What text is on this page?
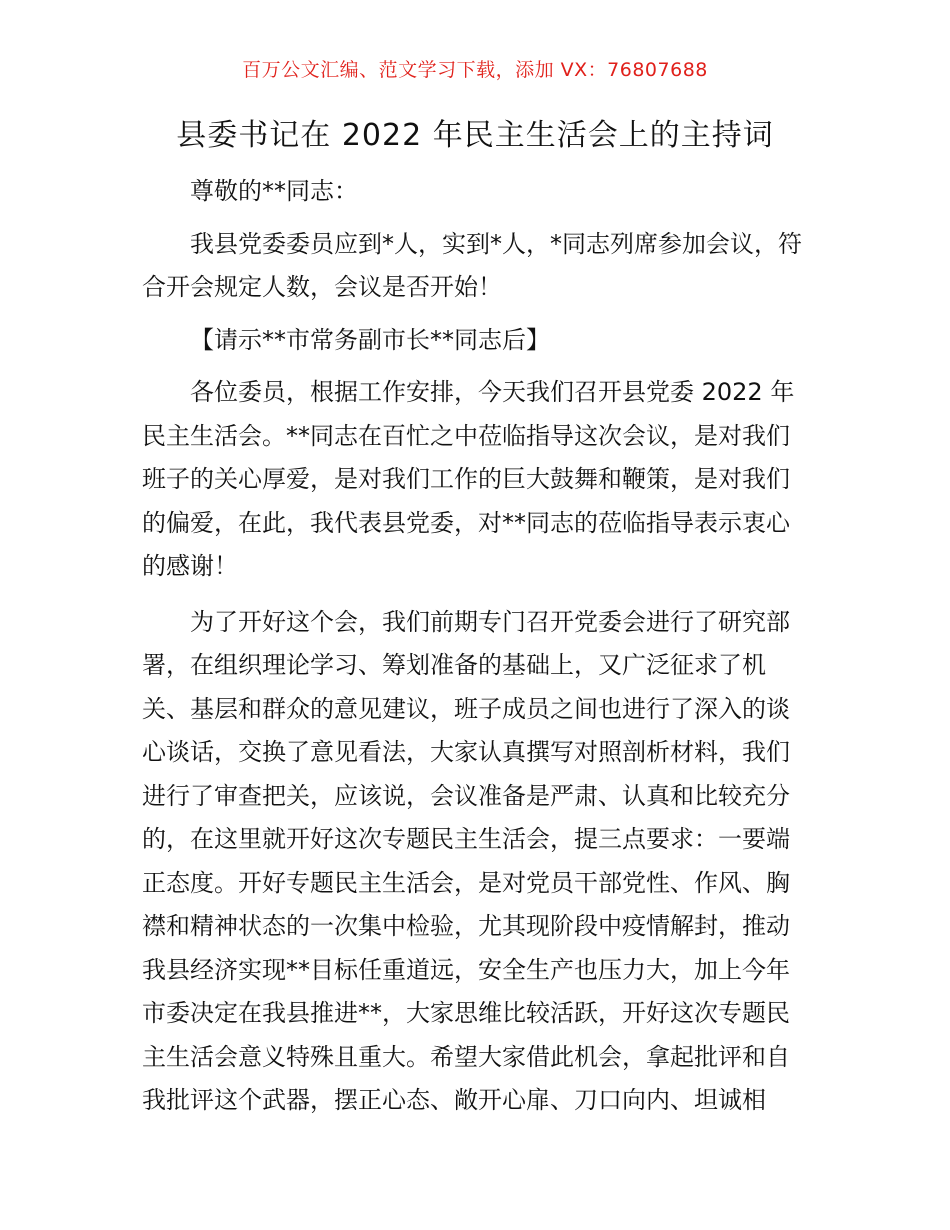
百万公文汇编、范文学习下载，添加 VX：76807688
县委书记在 2022 年民主生活会上的主持词

尊敬的**同志：

我县党委委员应到*人，实到*人，*同志列席参加会议，符合开会规定人数，会议是否开始！

【请示**市常务副市长**同志后】

各位委员，根据工作安排，今天我们召开县党委 2022 年民主生活会。**同志在百忙之中莅临指导这次会议，是对我们班子的关心厚爱，是对我们工作的巨大鼓舞和鞭策，是对我们的偏爱，在此，我代表县党委，对**同志的莅临指导表示衷心的感谢！

为了开好这个会，我们前期专门召开党委会进行了研究部署，在组织理论学习、筹划准备的基础上，又广泛征求了机关、基层和群众的意见建议，班子成员之间也进行了深入的谈心谈话，交换了意见看法，大家认真撰写对照剖析材料，我们进行了审查把关，应该说，会议准备是严肃、认真和比较充分的，在这里就开好这次专题民主生活会，提三点要求：一要端正态度。开好专题民主生活会，是对党员干部党性、作风、胸襟和精神状态的一次集中检验，尤其现阶段中疫情解封，推动我县经济实现**目标任重道远，安全生产也压力大，加上今年市委决定在我县推进**，大家思维比较活跃，开好这次专题民主生活会意义特殊且重大。希望大家借此机会，拿起批评和自我批评这个武器，摆正心态、敞开心扉、刀口向内、坦诚相
